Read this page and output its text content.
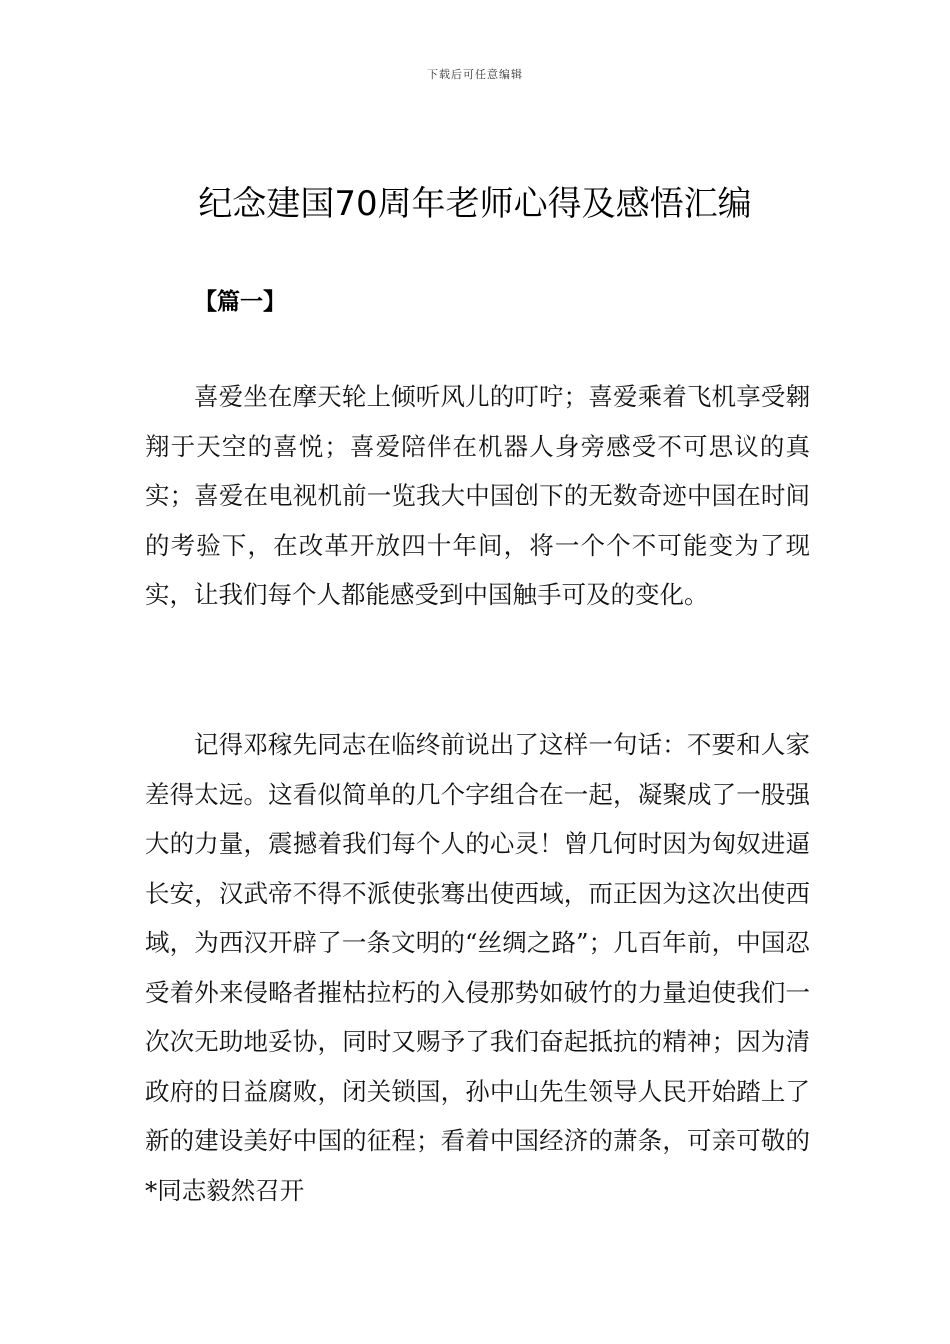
下载后可任意编辑
纪念建国70周年老师心得及感悟汇编
【篇一】

喜爱坐在摩天轮上倾听风儿的叮咛；喜爱乘着飞机享受翱翔于天空的喜悦；喜爱陪伴在机器人身旁感受不可思议的真实；喜爱在电视机前一览我大中国创下的无数奇迹中国在时间的考验下，在改革开放四十年间，将一个个不可能变为了现实，让我们每个人都能感受到中国触手可及的变化。

记得邓稼先同志在临终前说出了这样一句话：不要和人家差得太远。这看似简单的几个字组合在一起，凝聚成了一股强大的力量，震撼着我们每个人的心灵！曾几何时因为匈奴进逼长安，汉武帝不得不派使张骞出使西域，而正因为这次出使西域，为西汉开辟了一条文明的“丝绸之路”；几百年前，中国忍受着外来侵略者摧枯拉朽的入侵那势如破竹的力量迫使我们一次次无助地妥协，同时又赐予了我们奋起抵抗的精神；因为清政府的日益腐败，闭关锁国，孙中山先生领导人民开始踏上了新的建设美好中国的征程；看着中国经济的萧条，可亲可敬的*同志毅然召开
